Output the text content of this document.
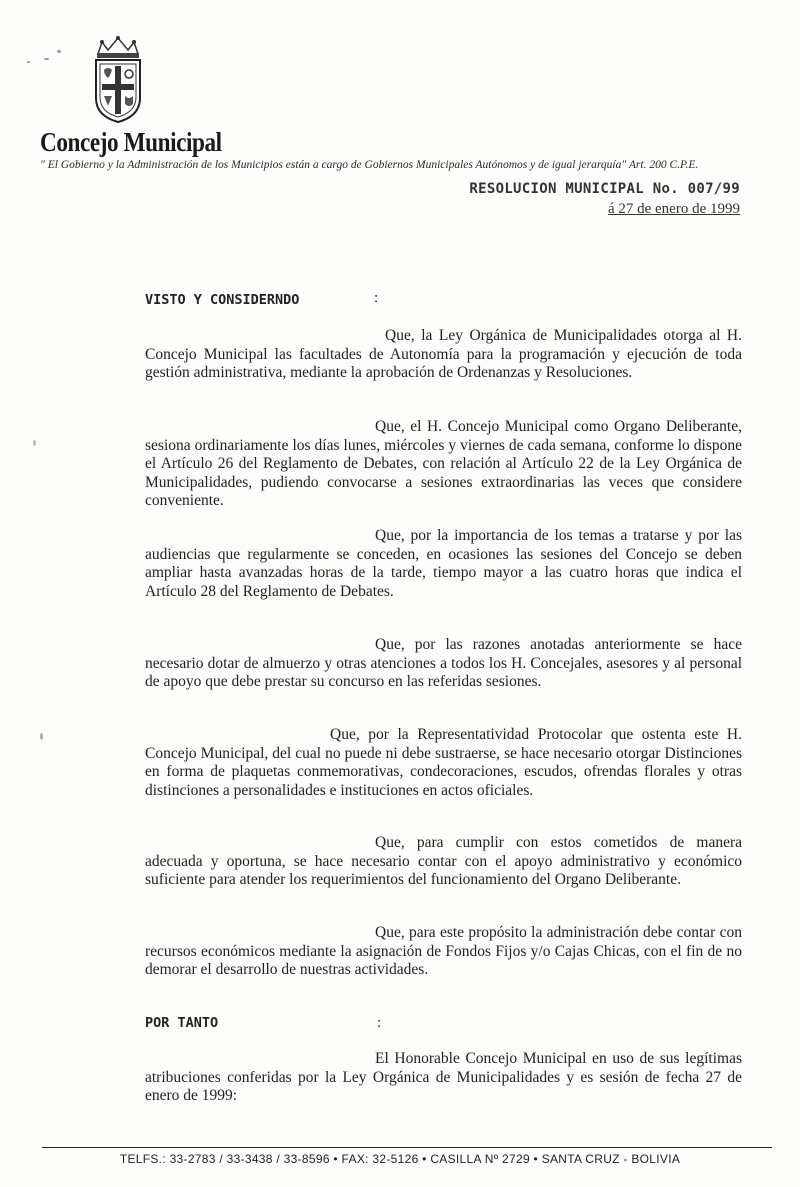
Concejo Municipal
" El Gobierno y la Administración de los Municipios están a cargo de Gobiernos Municipales Autónomos y de igual jerarquía" Art. 200 C.P.E.
RESOLUCION MUNICIPAL No. 007/99
á 27 de enero de 1999
VISTO Y CONSIDERNDO	:
Que, la Ley Orgánica de Municipalidades otorga al H. Concejo Municipal las facultades de Autonomía para la programación y ejecución de toda gestión administrativa, mediante la aprobación de Ordenanzas y Resoluciones.
Que, el H. Concejo Municipal como Organo Deliberante, sesiona ordinariamente los días lunes, miércoles y viernes de cada semana, conforme lo dispone el Artículo 26 del Reglamento de Debates, con relación al Artículo 22 de la Ley Orgánica de Municipalidades, pudiendo convocarse a sesiones extraordinarias las veces que considere conveniente.
Que, por la importancia de los temas a tratarse y por las audiencias que regularmente se conceden, en ocasiones las sesiones del Concejo se deben ampliar hasta avanzadas horas de la tarde, tiempo mayor a las cuatro horas que indica el Artículo 28 del Reglamento de Debates.
Que, por las razones anotadas anteriormente se hace necesario dotar de almuerzo y otras atenciones a todos los H. Concejales, asesores y al personal de apoyo que debe prestar su concurso en las referidas sesiones.
Que, por la Representatividad Protocolar que ostenta este H. Concejo Municipal, del cual no puede ni debe sustraerse, se hace necesario otorgar Distinciones en forma de plaquetas conmemorativas, condecoraciones, escudos, ofrendas florales y otras distinciones a personalidades e instituciones en actos oficiales.
Que, para cumplir con estos cometidos de manera adecuada y oportuna, se hace necesario contar con el apoyo administrativo y económico suficiente para atender los requerimientos del funcionamiento del Organo Deliberante.
Que, para este propósito la administración debe contar con recursos económicos mediante la asignación de Fondos Fijos y/o Cajas Chicas, con el fin de no demorar el desarrollo de nuestras actividades.
POR TANTO	:
El Honorable Concejo Municipal en uso de sus legítimas atribuciones conferidas por la Ley Orgánica de Municipalidades y es sesión de fecha 27 de enero de 1999:
TELFS.: 33-2783 / 33-3438 / 33-8596 • FAX: 32-5126 • CASILLA Nº 2729 • SANTA CRUZ - BOLIVIA
